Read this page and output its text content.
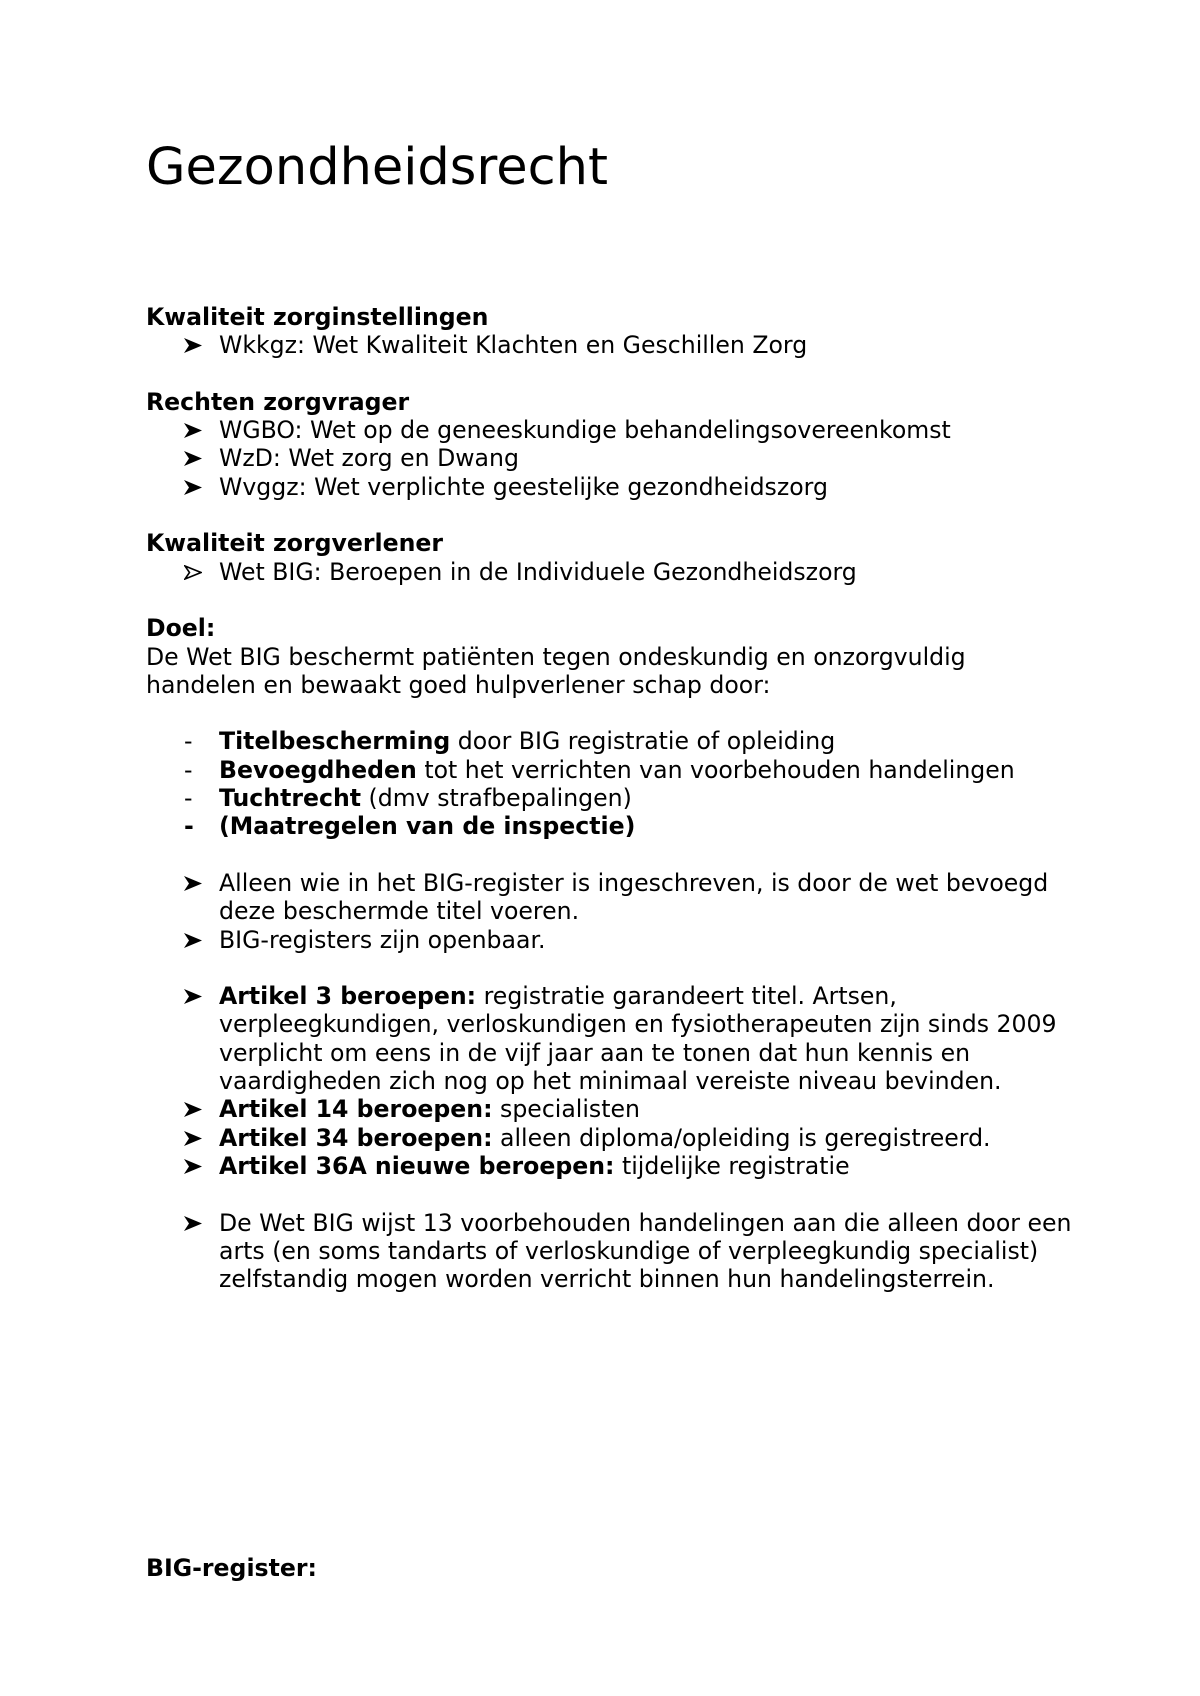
Gezondheidsrecht

Kwaliteit zorginstellingen

Wkkgz: Wet Kwaliteit Klachten en Geschillen Zorg

Rechten zorgvrager

WGBO: Wet op de geneeskundige behandelingsovereenkomst
WzD: Wet zorg en Dwang
Wvggz: Wet verplichte geestelijke gezondheidszorg

Kwaliteit zorgverlener

Wet BIG: Beroepen in de Individuele Gezondheidszorg

Doel:

De Wet BIG beschermt patiënten tegen ondeskundig en onzorgvuldig

handelen en bewaakt goed hulpverlener schap door:

- Titelbescherming door BIG registratie of opleiding
- Bevoegdheden tot het verrichten van voorbehouden handelingen
- Tuchtrecht (dmv strafbepalingen)
- (Maatregelen van de inspectie)
Alleen wie in het BIG-register is ingeschreven, is door de wet bevoegd deze beschermde titel voeren.
BIG-registers zijn openbaar.
Artikel 3 beroepen: registratie garandeert titel. Artsen, verpleegkundigen, verloskundigen en fysiotherapeuten zijn sinds 2009 verplicht om eens in de vijf jaar aan te tonen dat hun kennis en vaardigheden zich nog op het minimaal vereiste niveau bevinden.
Artikel 14 beroepen: specialisten
Artikel 34 beroepen: alleen diploma/opleiding is geregistreerd.
Artikel 36A nieuwe beroepen: tijdelijke registratie
De Wet BIG wijst 13 voorbehouden handelingen aan die alleen door een arts (en soms tandarts of verloskundige of verpleegkundig specialist) zelfstandig mogen worden verricht binnen hun handelingsterrein.

BIG-register:
